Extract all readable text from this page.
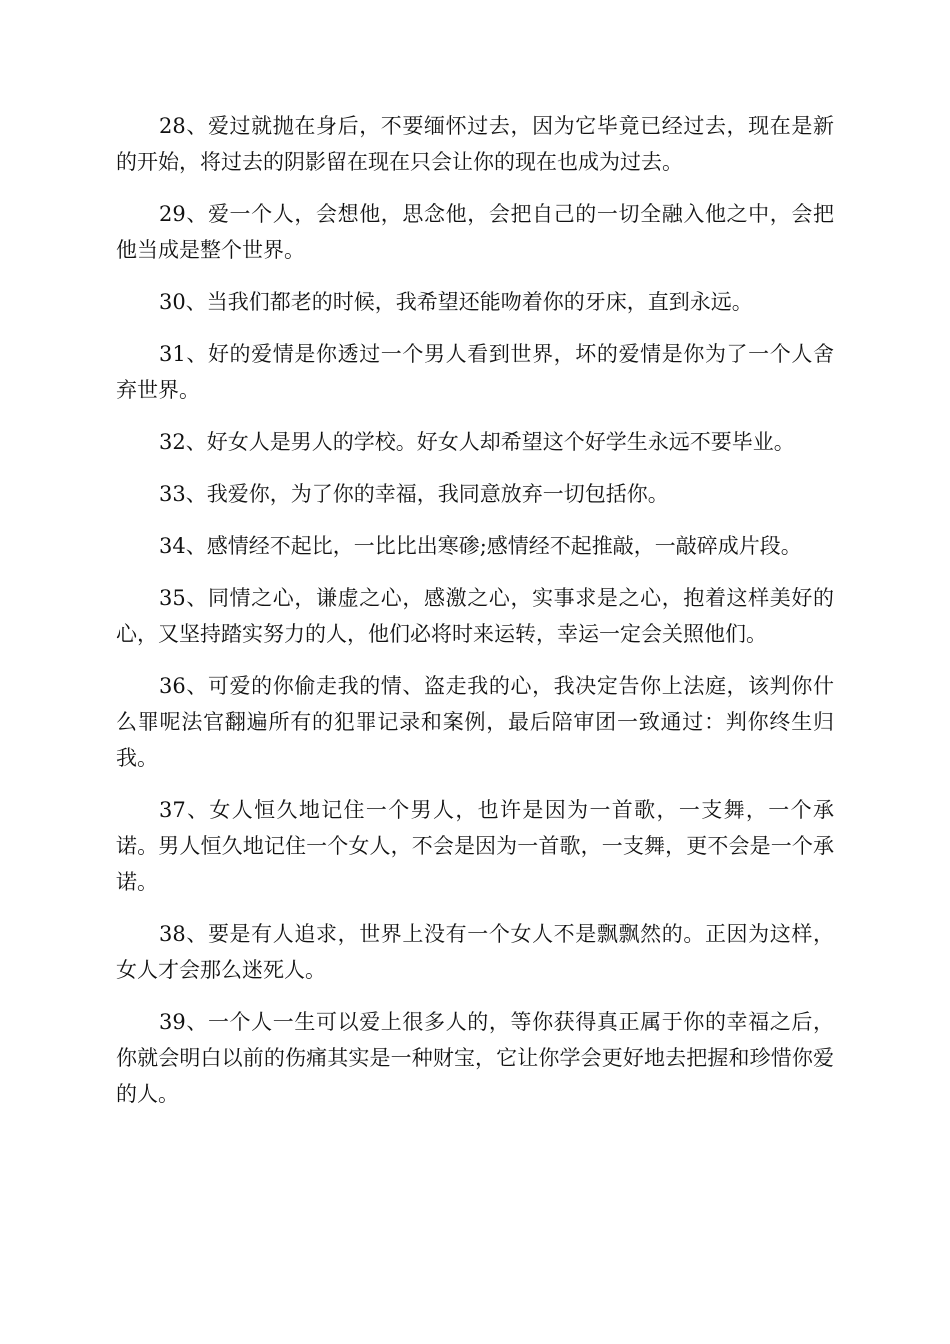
28、爱过就抛在身后，不要缅怀过去，因为它毕竟已经过去，现在是新的开始，将过去的阴影留在现在只会让你的现在也成为过去。

29、爱一个人，会想他，思念他，会把自己的一切全融入他之中，会把他当成是整个世界。

30、当我们都老的时候，我希望还能吻着你的牙床，直到永远。

31、好的爱情是你透过一个男人看到世界，坏的爱情是你为了一个人舍弃世界。

32、好女人是男人的学校。好女人却希望这个好学生永远不要毕业。

33、我爱你，为了你的幸福，我同意放弃一切包括你。

34、感情经不起比，一比比出寒碜;感情经不起推敲，一敲碎成片段。

35、同情之心，谦虚之心，感激之心，实事求是之心，抱着这样美好的心，又坚持踏实努力的人，他们必将时来运转，幸运一定会关照他们。

36、可爱的你偷走我的情、盗走我的心，我决定告你上法庭，该判你什么罪呢法官翻遍所有的犯罪记录和案例，最后陪审团一致通过：判你终生归我。

37、女人恒久地记住一个男人，也许是因为一首歌，一支舞，一个承诺。男人恒久地记住一个女人，不会是因为一首歌，一支舞，更不会是一个承诺。

38、要是有人追求，世界上没有一个女人不是飘飘然的。正因为这样，女人才会那么迷死人。

39、一个人一生可以爱上很多人的，等你获得真正属于你的幸福之后，你就会明白以前的伤痛其实是一种财宝，它让你学会更好地去把握和珍惜你爱的人。
